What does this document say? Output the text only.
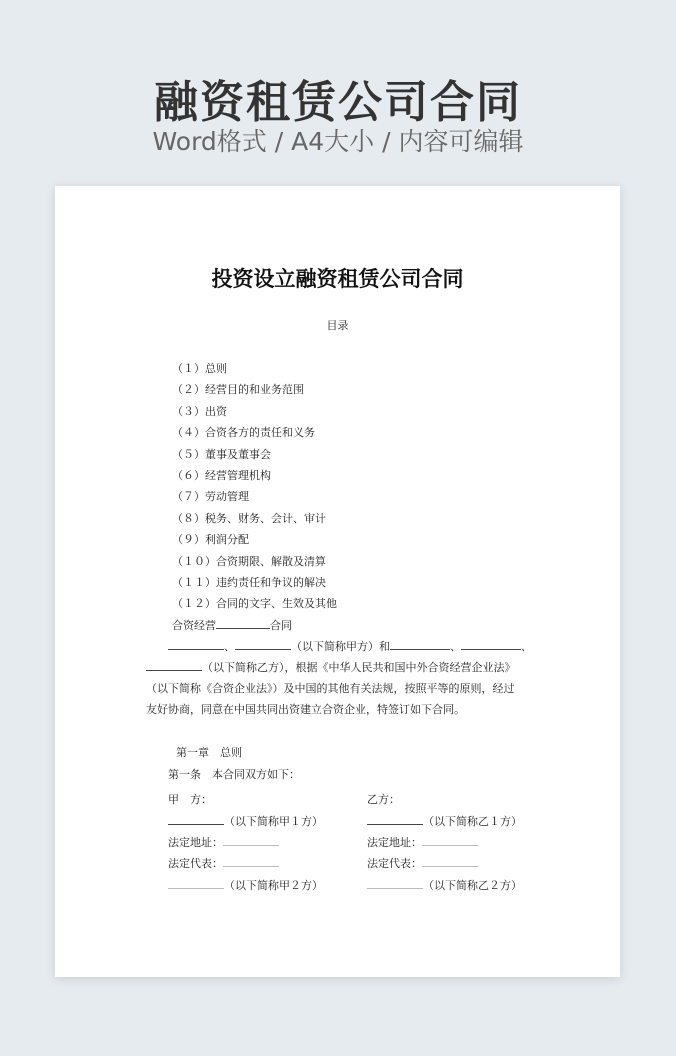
融资租赁公司合同
Word格式 / A4大小 / 内容可编辑
投资设立融资租赁公司合同
目录
（１）总则
（２）经营目的和业务范围
（３）出资
（４）合资各方的责任和义务
（５）董事及董事会
（６）经营管理机构
（７）劳动管理
（８）税务、财务、会计、审计
（９）利润分配
（１０）合资期限、解散及清算
（１１）违约责任和争议的解决
（１２）合同的文字、生效及其他
合资经营	合同
、	（以下简称甲方）和	、	、
（以下简称乙方），根据《中华人民共和国中外合资经营企业法》
（以下简称《合资企业法》）及中国的其他有关法规，按照平等的原则，经过
友好协商，同意在中国共同出资建立合资企业，特签订如下合同。
第一章　总则
第一条　本合同双方如下：
甲　方：
（以下简称甲１方）
法定地址：
法定代表：
（以下简称甲２方）
乙方：
（以下简称乙１方）
法定地址：
法定代表：
（以下简称乙２方）
